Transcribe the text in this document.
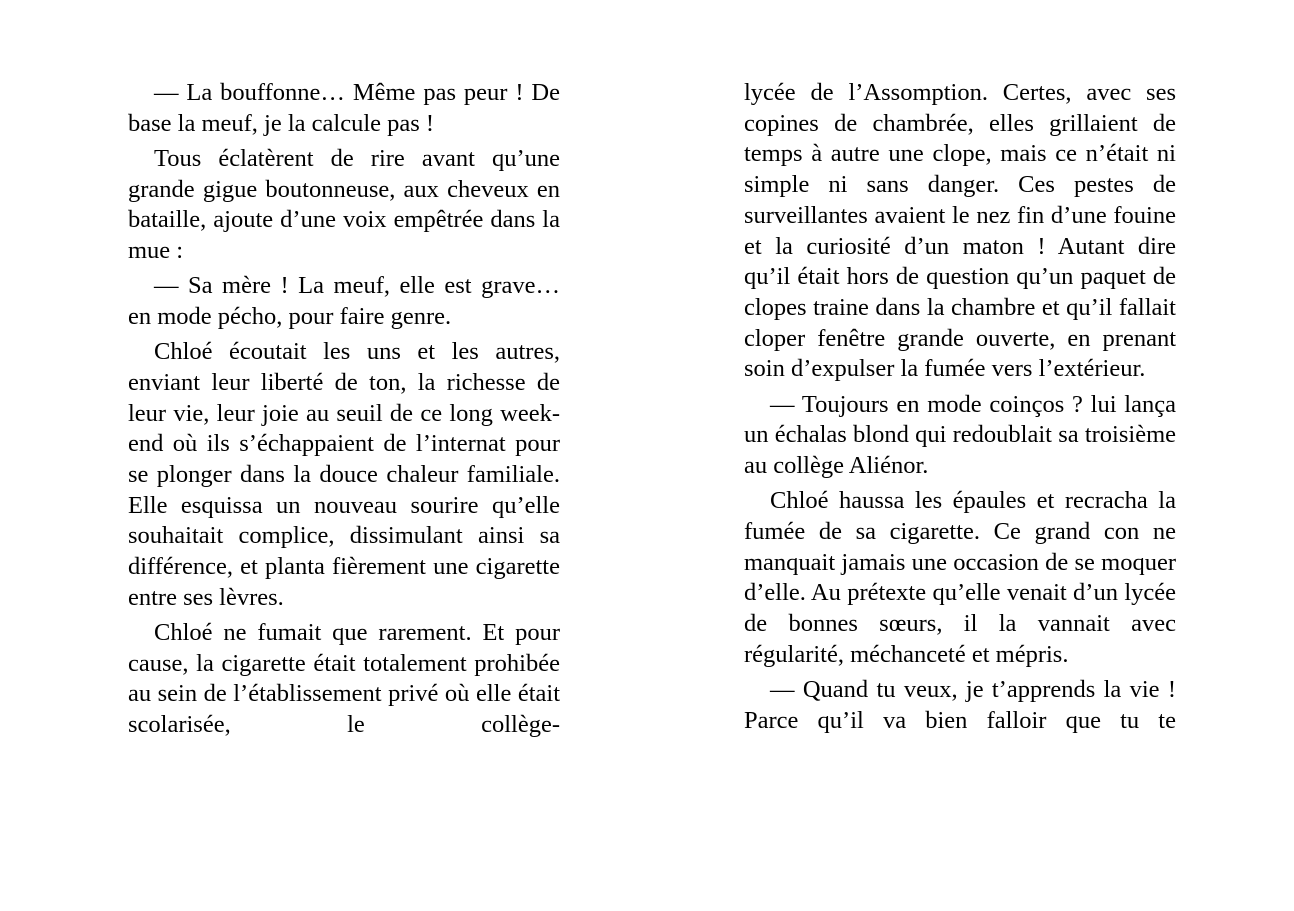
— La bouffonne… Même pas peur ! De base la meuf, je la calcule pas !

Tous éclatèrent de rire avant qu’une grande gigue boutonneuse, aux cheveux en bataille, ajoute d’une voix empêtrée dans la mue :

— Sa mère ! La meuf, elle est grave… en mode pécho, pour faire genre.

Chloé écoutait les uns et les autres, enviant leur liberté de ton, la richesse de leur vie, leur joie au seuil de ce long week-end où ils s’échappaient de l’internat pour se plonger dans la douce chaleur familiale. Elle esquissa un nouveau sourire qu’elle souhaitait complice, dissimulant ainsi sa différence, et planta fièrement une cigarette entre ses lèvres.

Chloé ne fumait que rarement. Et pour cause, la cigarette était totalement prohibée au sein de l’établissement privé où elle était scolarisée, le collège-

lycée de l’Assomption. Certes, avec ses copines de chambrée, elles grillaient de temps à autre une clope, mais ce n’était ni simple ni sans danger. Ces pestes de surveillantes avaient le nez fin d’une fouine et la curiosité d’un maton ! Autant dire qu’il était hors de question qu’un paquet de clopes traine dans la chambre et qu’il fallait cloper fenêtre grande ouverte, en prenant soin d’expulser la fumée vers l’extérieur.

— Toujours en mode coinços ? lui lança un échalas blond qui redoublait sa troisième au collège Aliénor.

Chloé haussa les épaules et recracha la fumée de sa cigarette. Ce grand con ne manquait jamais une occasion de se moquer d’elle. Au prétexte qu’elle venait d’un lycée de bonnes sœurs, il la vannait avec régularité, méchanceté et mépris.

— Quand tu veux, je t’apprends la vie ! Parce qu’il va bien falloir que tu te
